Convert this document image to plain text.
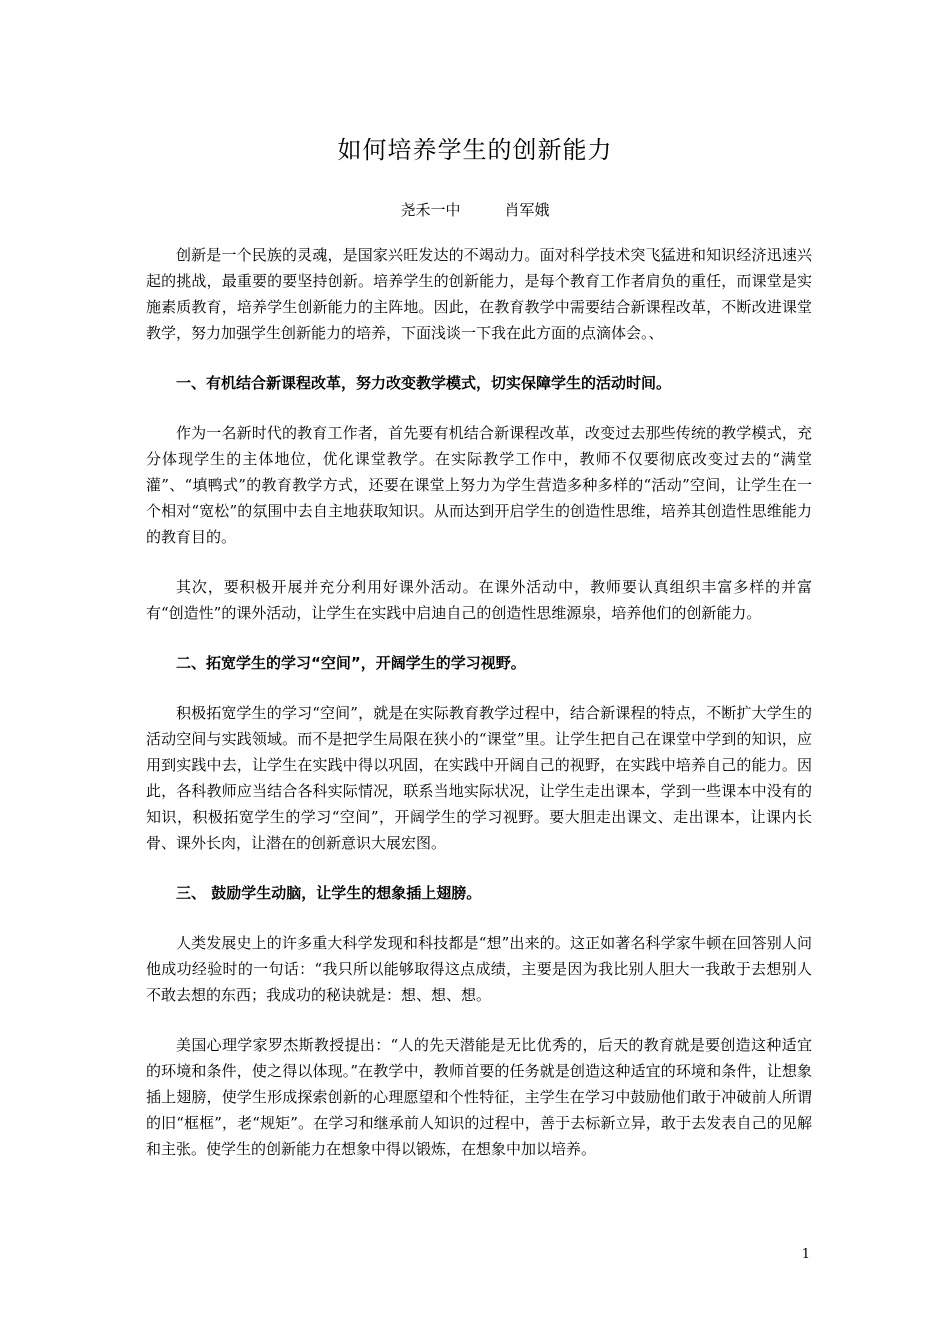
如何培养学生的创新能力
尧禾一中	肖军娥

创新是一个民族的灵魂，是国家兴旺发达的不竭动力。面对科学技术突飞猛进和知识经济迅速兴起的挑战，最重要的要坚持创新。培养学生的创新能力，是每个教育工作者肩负的重任，而课堂是实施素质教育，培养学生创新能力的主阵地。因此，在教育教学中需要结合新课程改革，不断改进课堂教学，努力加强学生创新能力的培养，下面浅谈一下我在此方面的点滴体会。、

一、有机结合新课程改革，努力改变教学模式，切实保障学生的活动时间。

作为一名新时代的教育工作者，首先要有机结合新课程改革，改变过去那些传统的教学模式，充分体现学生的主体地位，优化课堂教学。在实际教学工作中，教师不仅要彻底改变过去的“满堂灌”、“填鸭式”的教育教学方式，还要在课堂上努力为学生营造多种多样的“活动”空间，让学生在一个相对“宽松”的氛围中去自主地获取知识。从而达到开启学生的创造性思维，培养其创造性思维能力的教育目的。

其次，要积极开展并充分利用好课外活动。在课外活动中，教师要认真组织丰富多样的并富有“创造性”的课外活动，让学生在实践中启迪自己的创造性思维源泉，培养他们的创新能力。

二、拓宽学生的学习“空间”，开阔学生的学习视野。

积极拓宽学生的学习“空间”，就是在实际教育教学过程中，结合新课程的特点，不断扩大学生的活动空间与实践领域。而不是把学生局限在狭小的“课堂”里。让学生把自己在课堂中学到的知识，应用到实践中去，让学生在实践中得以巩固，在实践中开阔自己的视野，在实践中培养自己的能力。因此，各科教师应当结合各科实际情况，联系当地实际状况，让学生走出课本，学到一些课本中没有的知识，积极拓宽学生的学习“空间”，开阔学生的学习视野。要大胆走出课文、走出课本，让课内长骨、课外长肉，让潜在的创新意识大展宏图。

三、 鼓励学生动脑，让学生的想象插上翅膀。

人类发展史上的许多重大科学发现和科技都是“想”出来的。这正如著名科学家牛顿在回答别人问他成功经验时的一句话：“我只所以能够取得这点成绩，主要是因为我比别人胆大一我敢于去想别人不敢去想的东西；我成功的秘诀就是：想、想、想。

美国心理学家罗杰斯教授提出：“人的先天潜能是无比优秀的，后天的教育就是要创造这种适宜的环境和条件，使之得以体现。”在教学中，教师首要的任务就是创造这种适宜的环境和条件，让想象插上翅膀，使学生形成探索创新的心理愿望和个性特征，主学生在学习中鼓励他们敢于冲破前人所谓的旧“框框”，老“规矩”。在学习和继承前人知识的过程中，善于去标新立异，敢于去发表自己的见解和主张。使学生的创新能力在想象中得以锻炼，在想象中加以培养。

1
